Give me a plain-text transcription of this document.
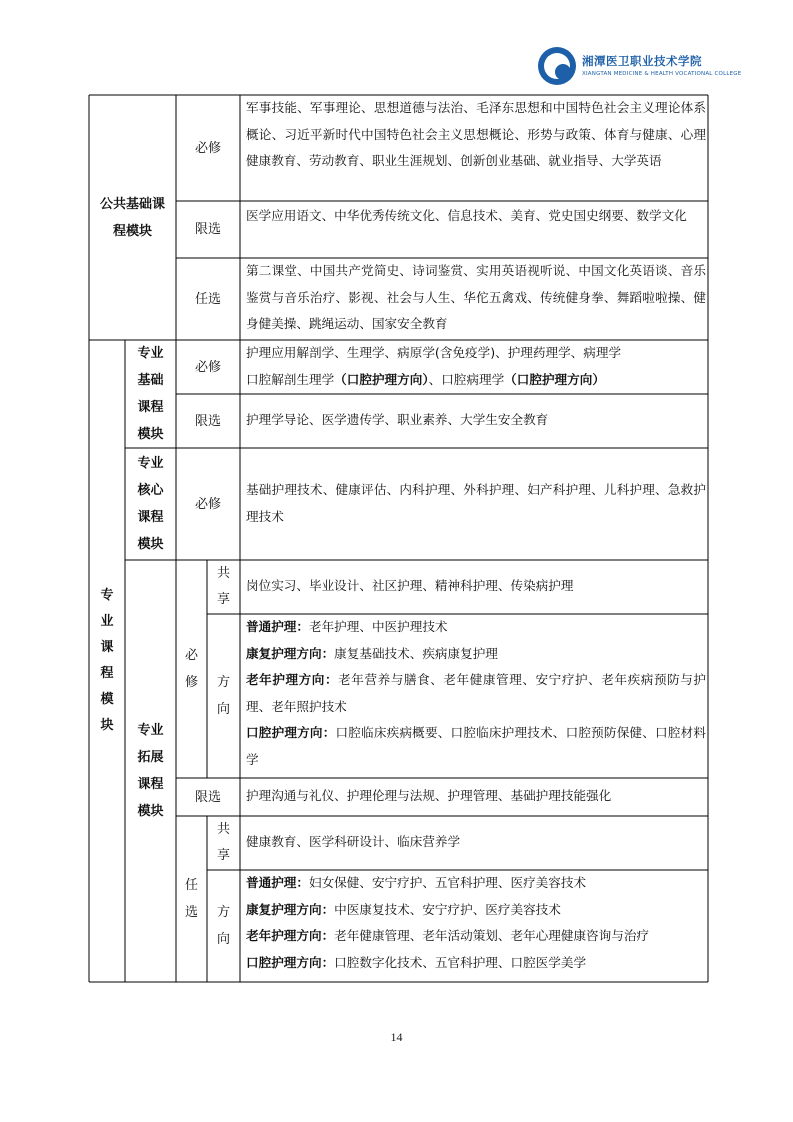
湘潭医卫职业技术学院
XIANGTAN MEDICINE & HEALTH VOCATIONAL COLLEGE
公共基础课
程模块
必修
军事技能、军事理论、思想道德与法治、毛泽东思想和中国特色社会主义理论体系概论、习近平新时代中国特色社会主义思想概论、形势与政策、体育与健康、心理健康教育、劳动教育、职业生涯规划、创新创业基础、就业指导、大学英语
限选
医学应用语文、中华优秀传统文化、信息技术、美育、党史国史纲要、数学文化
任选
第二课堂、中国共产党简史、诗词鉴赏、实用英语视听说、中国文化英语谈、音乐鉴赏与音乐治疗、影视、社会与人生、华佗五禽戏、传统健身拳、舞蹈啦啦操、健身健美操、跳绳运动、国家安全教育
专
业
课
程
模
块
专业
基础
课程
模块
必修
护理应用解剖学、生理学、病原学(含免疫学)、护理药理学、病理学
口腔解剖生理学（口腔护理方向）、口腔病理学（口腔护理方向）
限选	护理学导论、医学遗传学、职业素养、大学生安全教育
专业
核心
课程
模块
必修
基础护理技术、健康评估、内科护理、外科护理、妇产科护理、儿科护理、急救护理技术
专业
拓展
课程
模块
必
修
共
享
岗位实习、毕业设计、社区护理、精神科护理、传染病护理
方
向
普通护理：老年护理、中医护理技术
康复护理方向：康复基础技术、疾病康复护理
老年护理方向：老年营养与膳食、老年健康管理、安宁疗护、老年疾病预防与护理、老年照护技术
口腔护理方向：口腔临床疾病概要、口腔临床护理技术、口腔预防保健、口腔材料学
限选	护理沟通与礼仪、护理伦理与法规、护理管理、基础护理技能强化
任
选
共
享
健康教育、医学科研设计、临床营养学
方
向
普通护理：妇女保健、安宁疗护、五官科护理、医疗美容技术
康复护理方向：中医康复技术、安宁疗护、医疗美容技术
老年护理方向：老年健康管理、老年活动策划、老年心理健康咨询与治疗
口腔护理方向：口腔数字化技术、五官科护理、口腔医学美学
14
